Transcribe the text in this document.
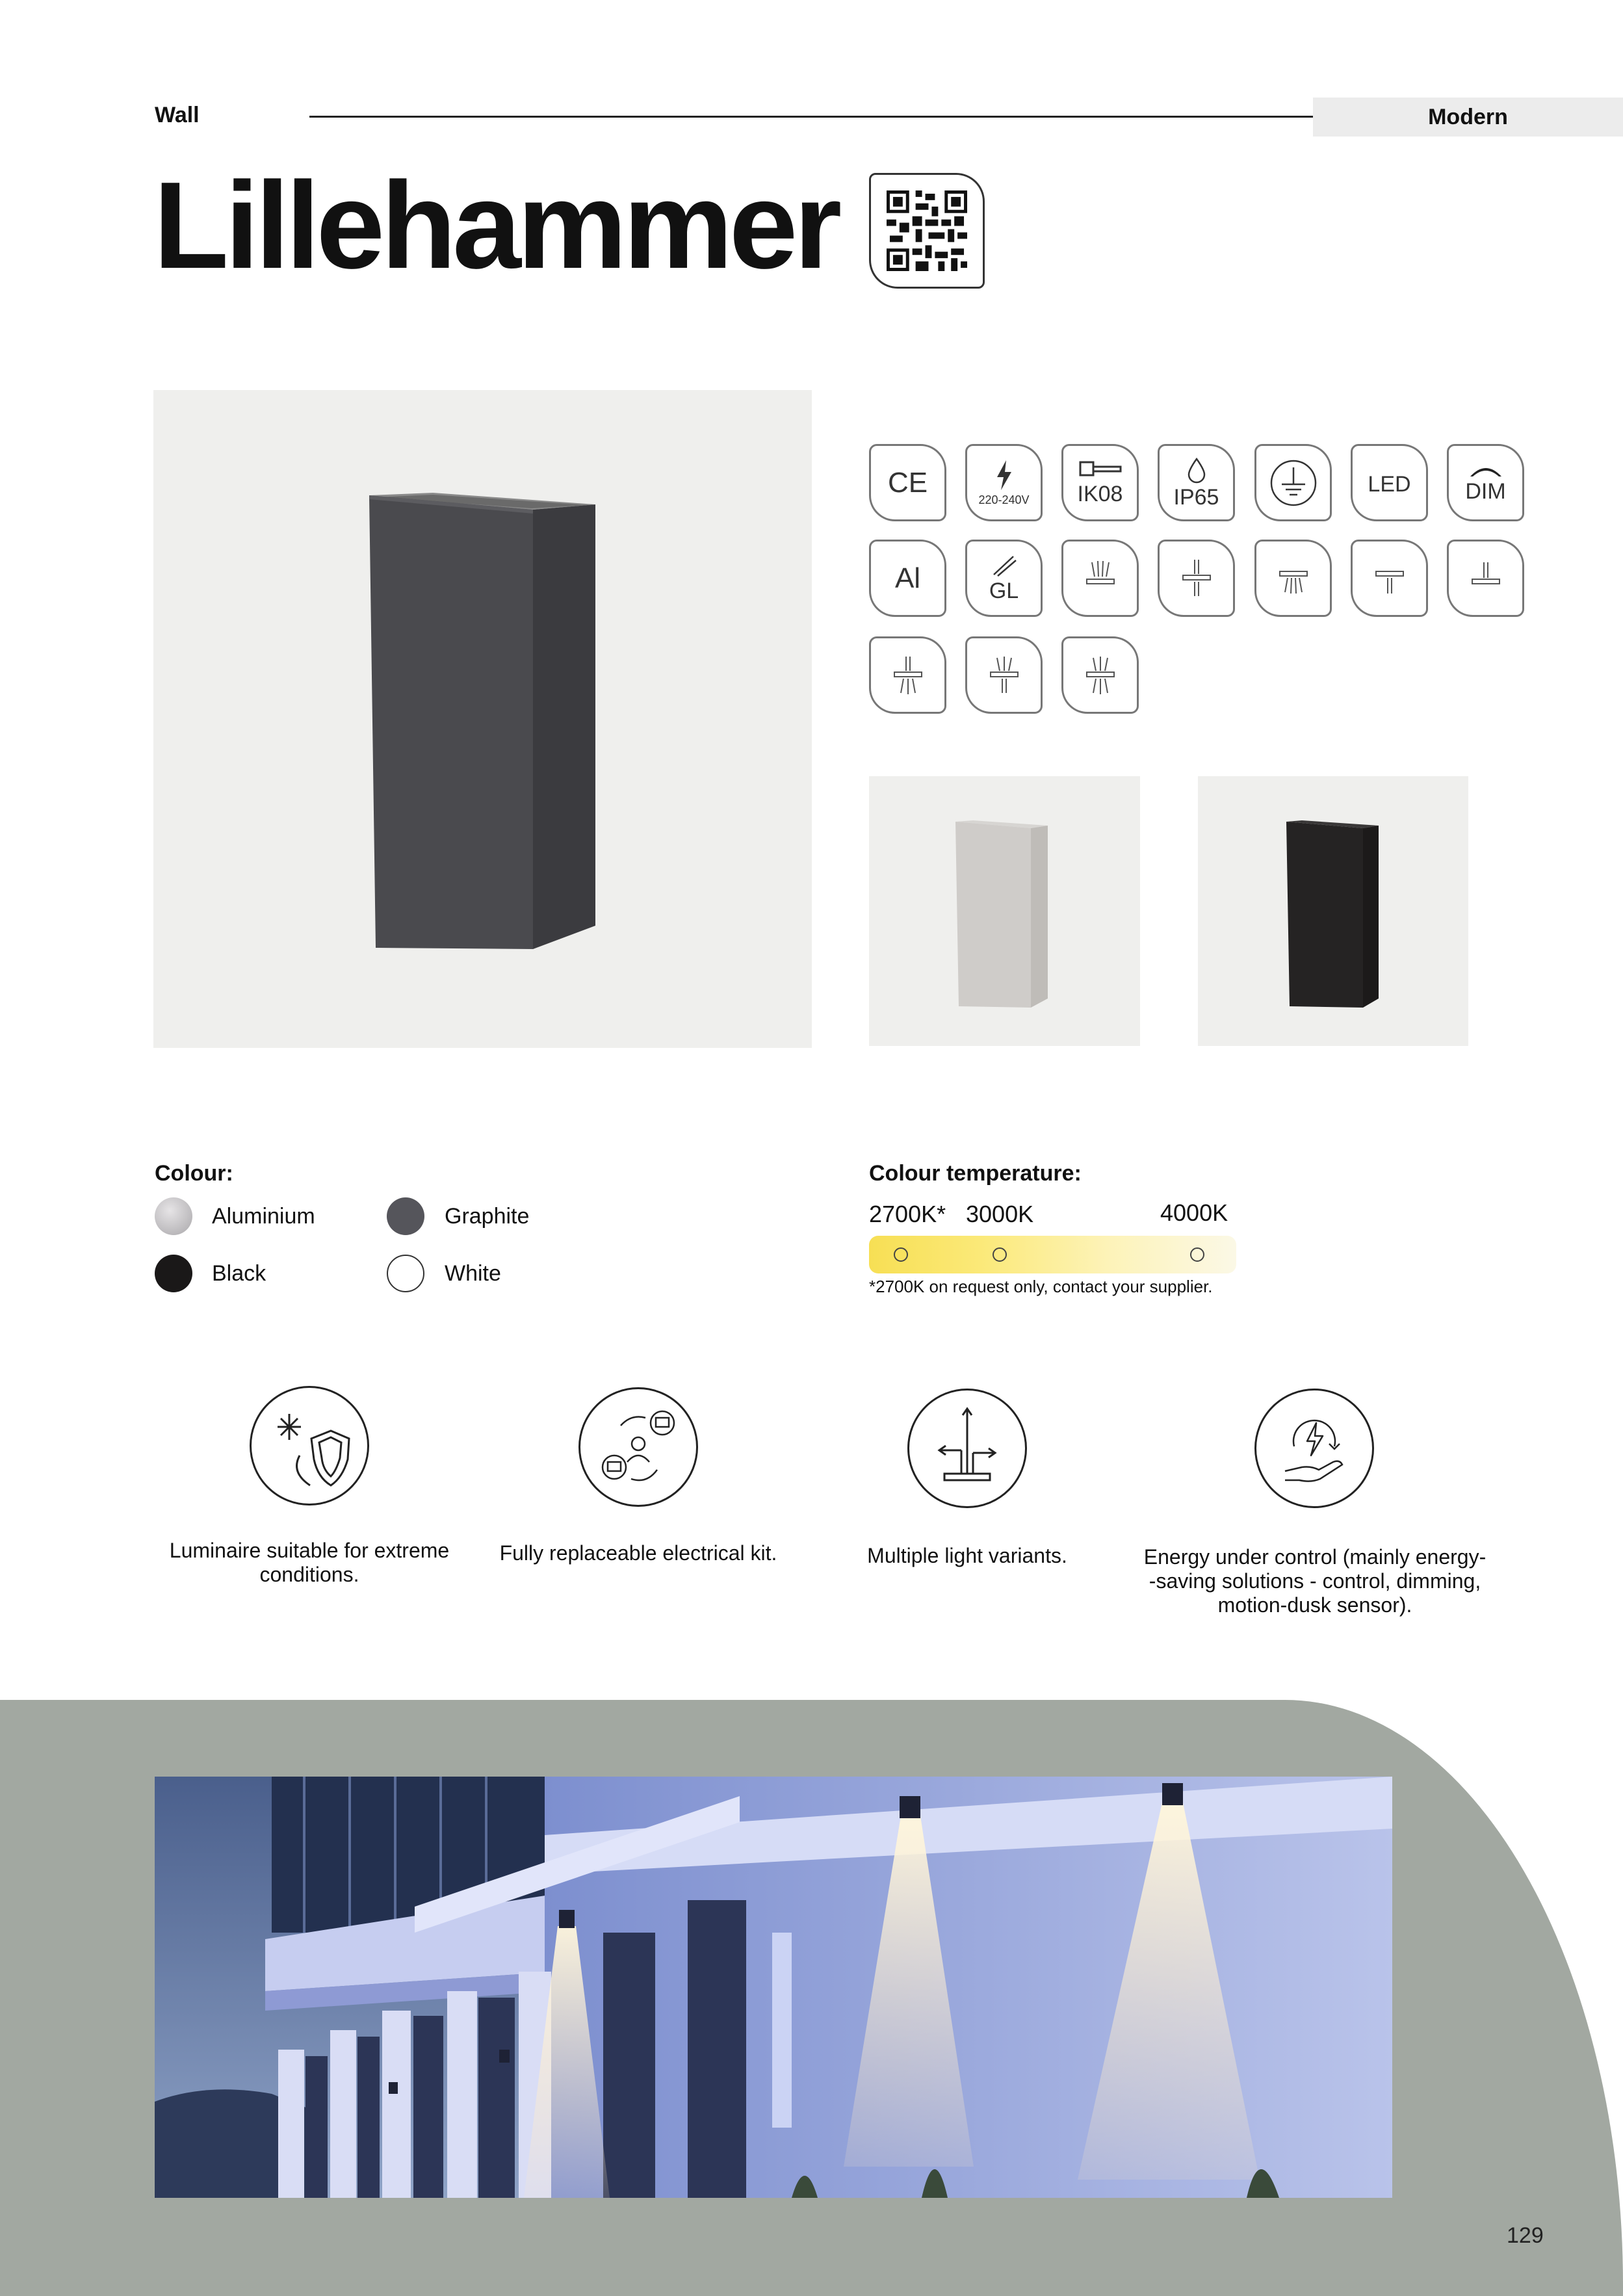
Wall	Modern
Lillehammer
CE
220-240V IK08 IP65
LED DIM
Al	GL
Colour:
Aluminium	Graphite
Black	White
Colour temperature:
2700K* 3000K	4000K
*2700K on request only, contact your supplier.
Luminaire suitable for extreme conditions.
Fully replaceable electrical kit.	Multiple light variants.	Energy under control (mainly energy--saving solutions - control, dimming, motion-dusk sensor).
129
